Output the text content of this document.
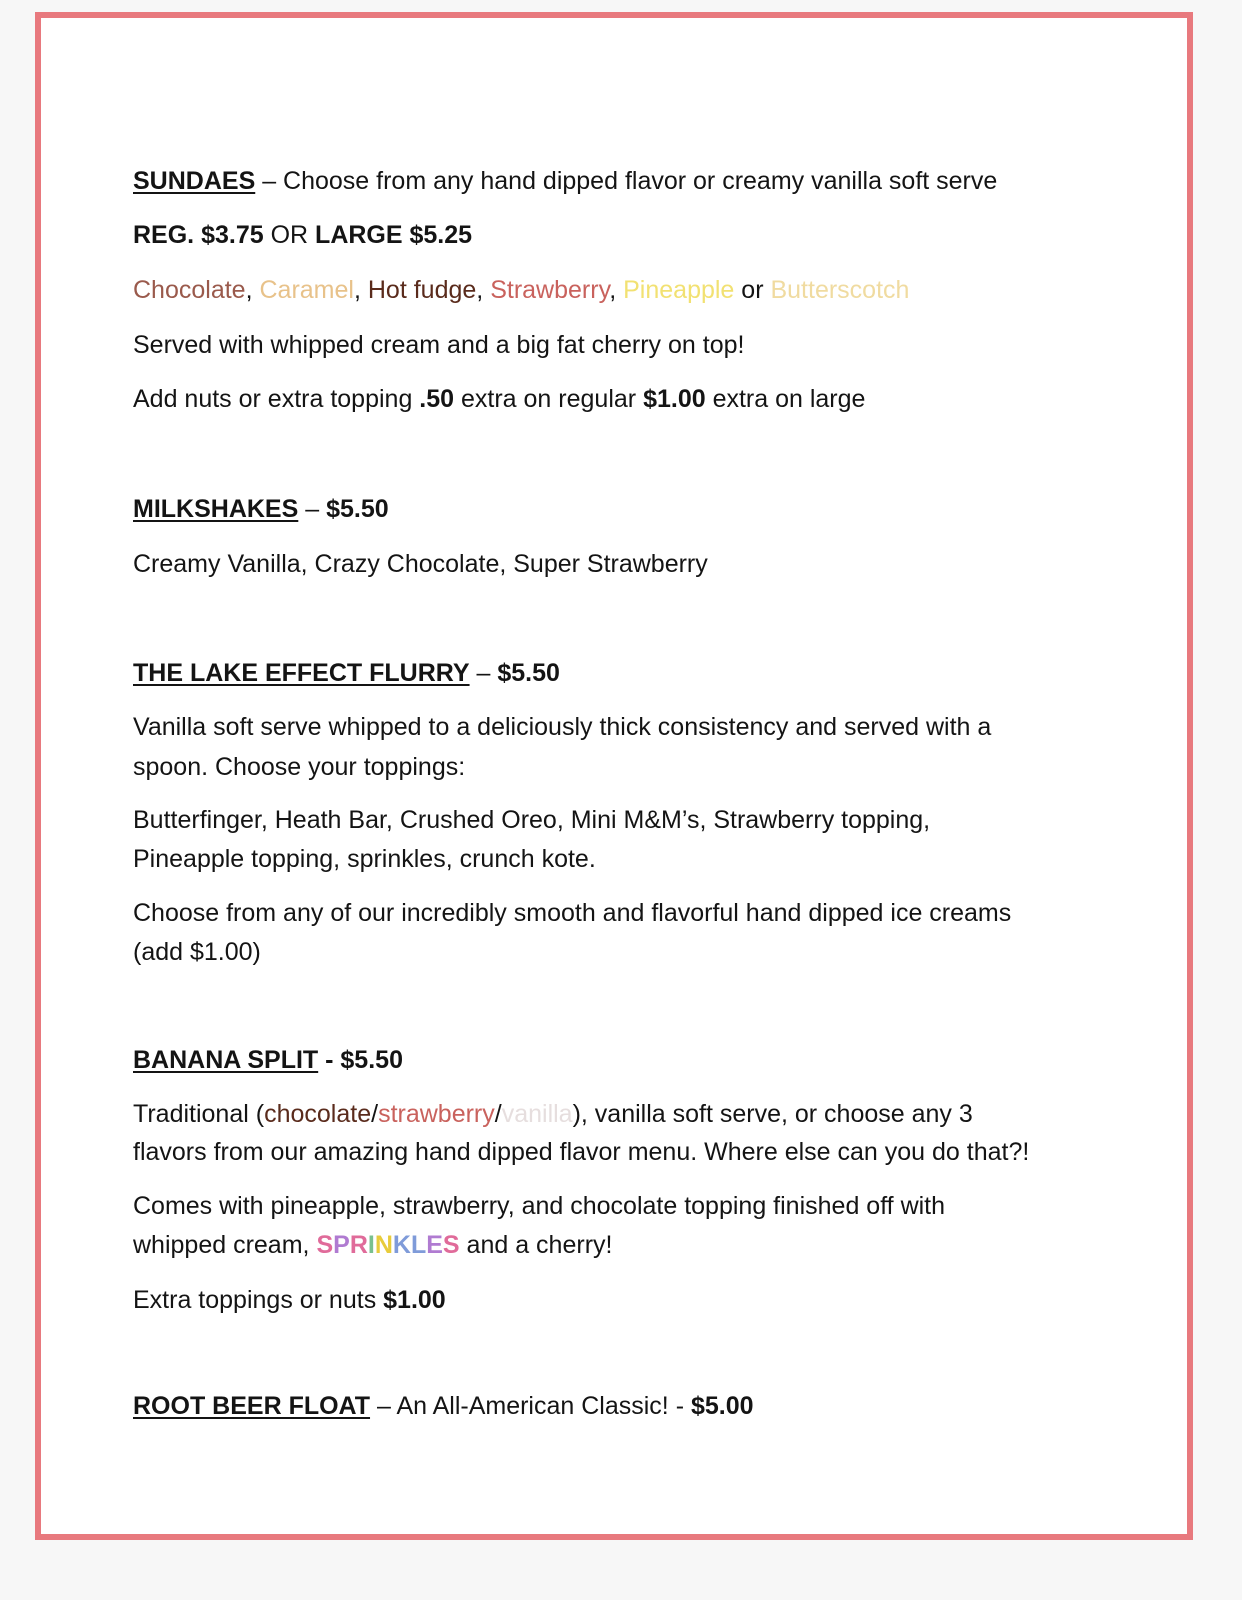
SUNDAES – Choose from any hand dipped flavor or creamy vanilla soft serve
REG. $3.75 OR LARGE $5.25
Chocolate, Caramel, Hot fudge, Strawberry, Pineapple or Butterscotch
Served with whipped cream and a big fat cherry on top!
Add nuts or extra topping .50 extra on regular $1.00 extra on large
MILKSHAKES – $5.50
Creamy Vanilla, Crazy Chocolate, Super Strawberry
THE LAKE EFFECT FLURRY – $5.50
Vanilla soft serve whipped to a deliciously thick consistency and served with a
spoon. Choose your toppings:
Butterfinger, Heath Bar, Crushed Oreo, Mini M&M’s, Strawberry topping,
Pineapple topping, sprinkles, crunch kote.
Choose from any of our incredibly smooth and flavorful hand dipped ice creams
(add $1.00)
BANANA SPLIT - $5.50
Traditional (chocolate/strawberry/vanilla), vanilla soft serve, or choose any 3
flavors from our amazing hand dipped flavor menu. Where else can you do that?!
Comes with pineapple, strawberry, and chocolate topping finished off with
whipped cream, SPRINKLES and a cherry!
Extra toppings or nuts $1.00
ROOT BEER FLOAT – An All-American Classic! - $5.00
